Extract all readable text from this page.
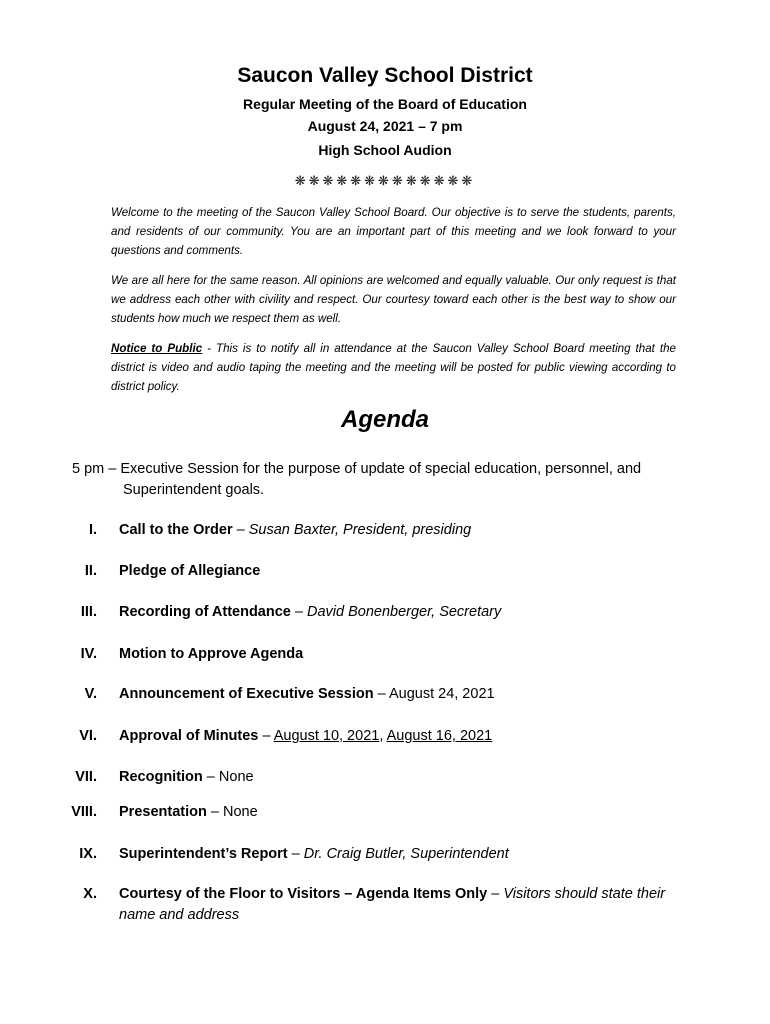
Saucon Valley School District
Regular Meeting of the Board of Education
August 24, 2021 – 7 pm
High School Audion
❋❋❋❋❋❋❋❋❋❋❋❋❋
Welcome to the meeting of the Saucon Valley School Board. Our objective is to serve the students, parents, and residents of our community. You are an important part of this meeting and we look forward to your questions and comments.
We are all here for the same reason. All opinions are welcomed and equally valuable. Our only request is that we address each other with civility and respect. Our courtesy toward each other is the best way to show our students how much we respect them as well.
Notice to Public - This is to notify all in attendance at the Saucon Valley School Board meeting that the district is video and audio taping the meeting and the meeting will be posted for public viewing according to district policy.
Agenda
5 pm – Executive Session for the purpose of update of special education, personnel, and
Superintendent goals.
I. Call to the Order – Susan Baxter, President, presiding
II. Pledge of Allegiance
III. Recording of Attendance – David Bonenberger, Secretary
IV. Motion to Approve Agenda
V. Announcement of Executive Session – August 24, 2021
VI. Approval of Minutes – August 10, 2021, August 16, 2021
VII. Recognition – None
VIII. Presentation – None
IX. Superintendent’s Report – Dr. Craig Butler, Superintendent
X. Courtesy of the Floor to Visitors – Agenda Items Only – Visitors should state their name and address
